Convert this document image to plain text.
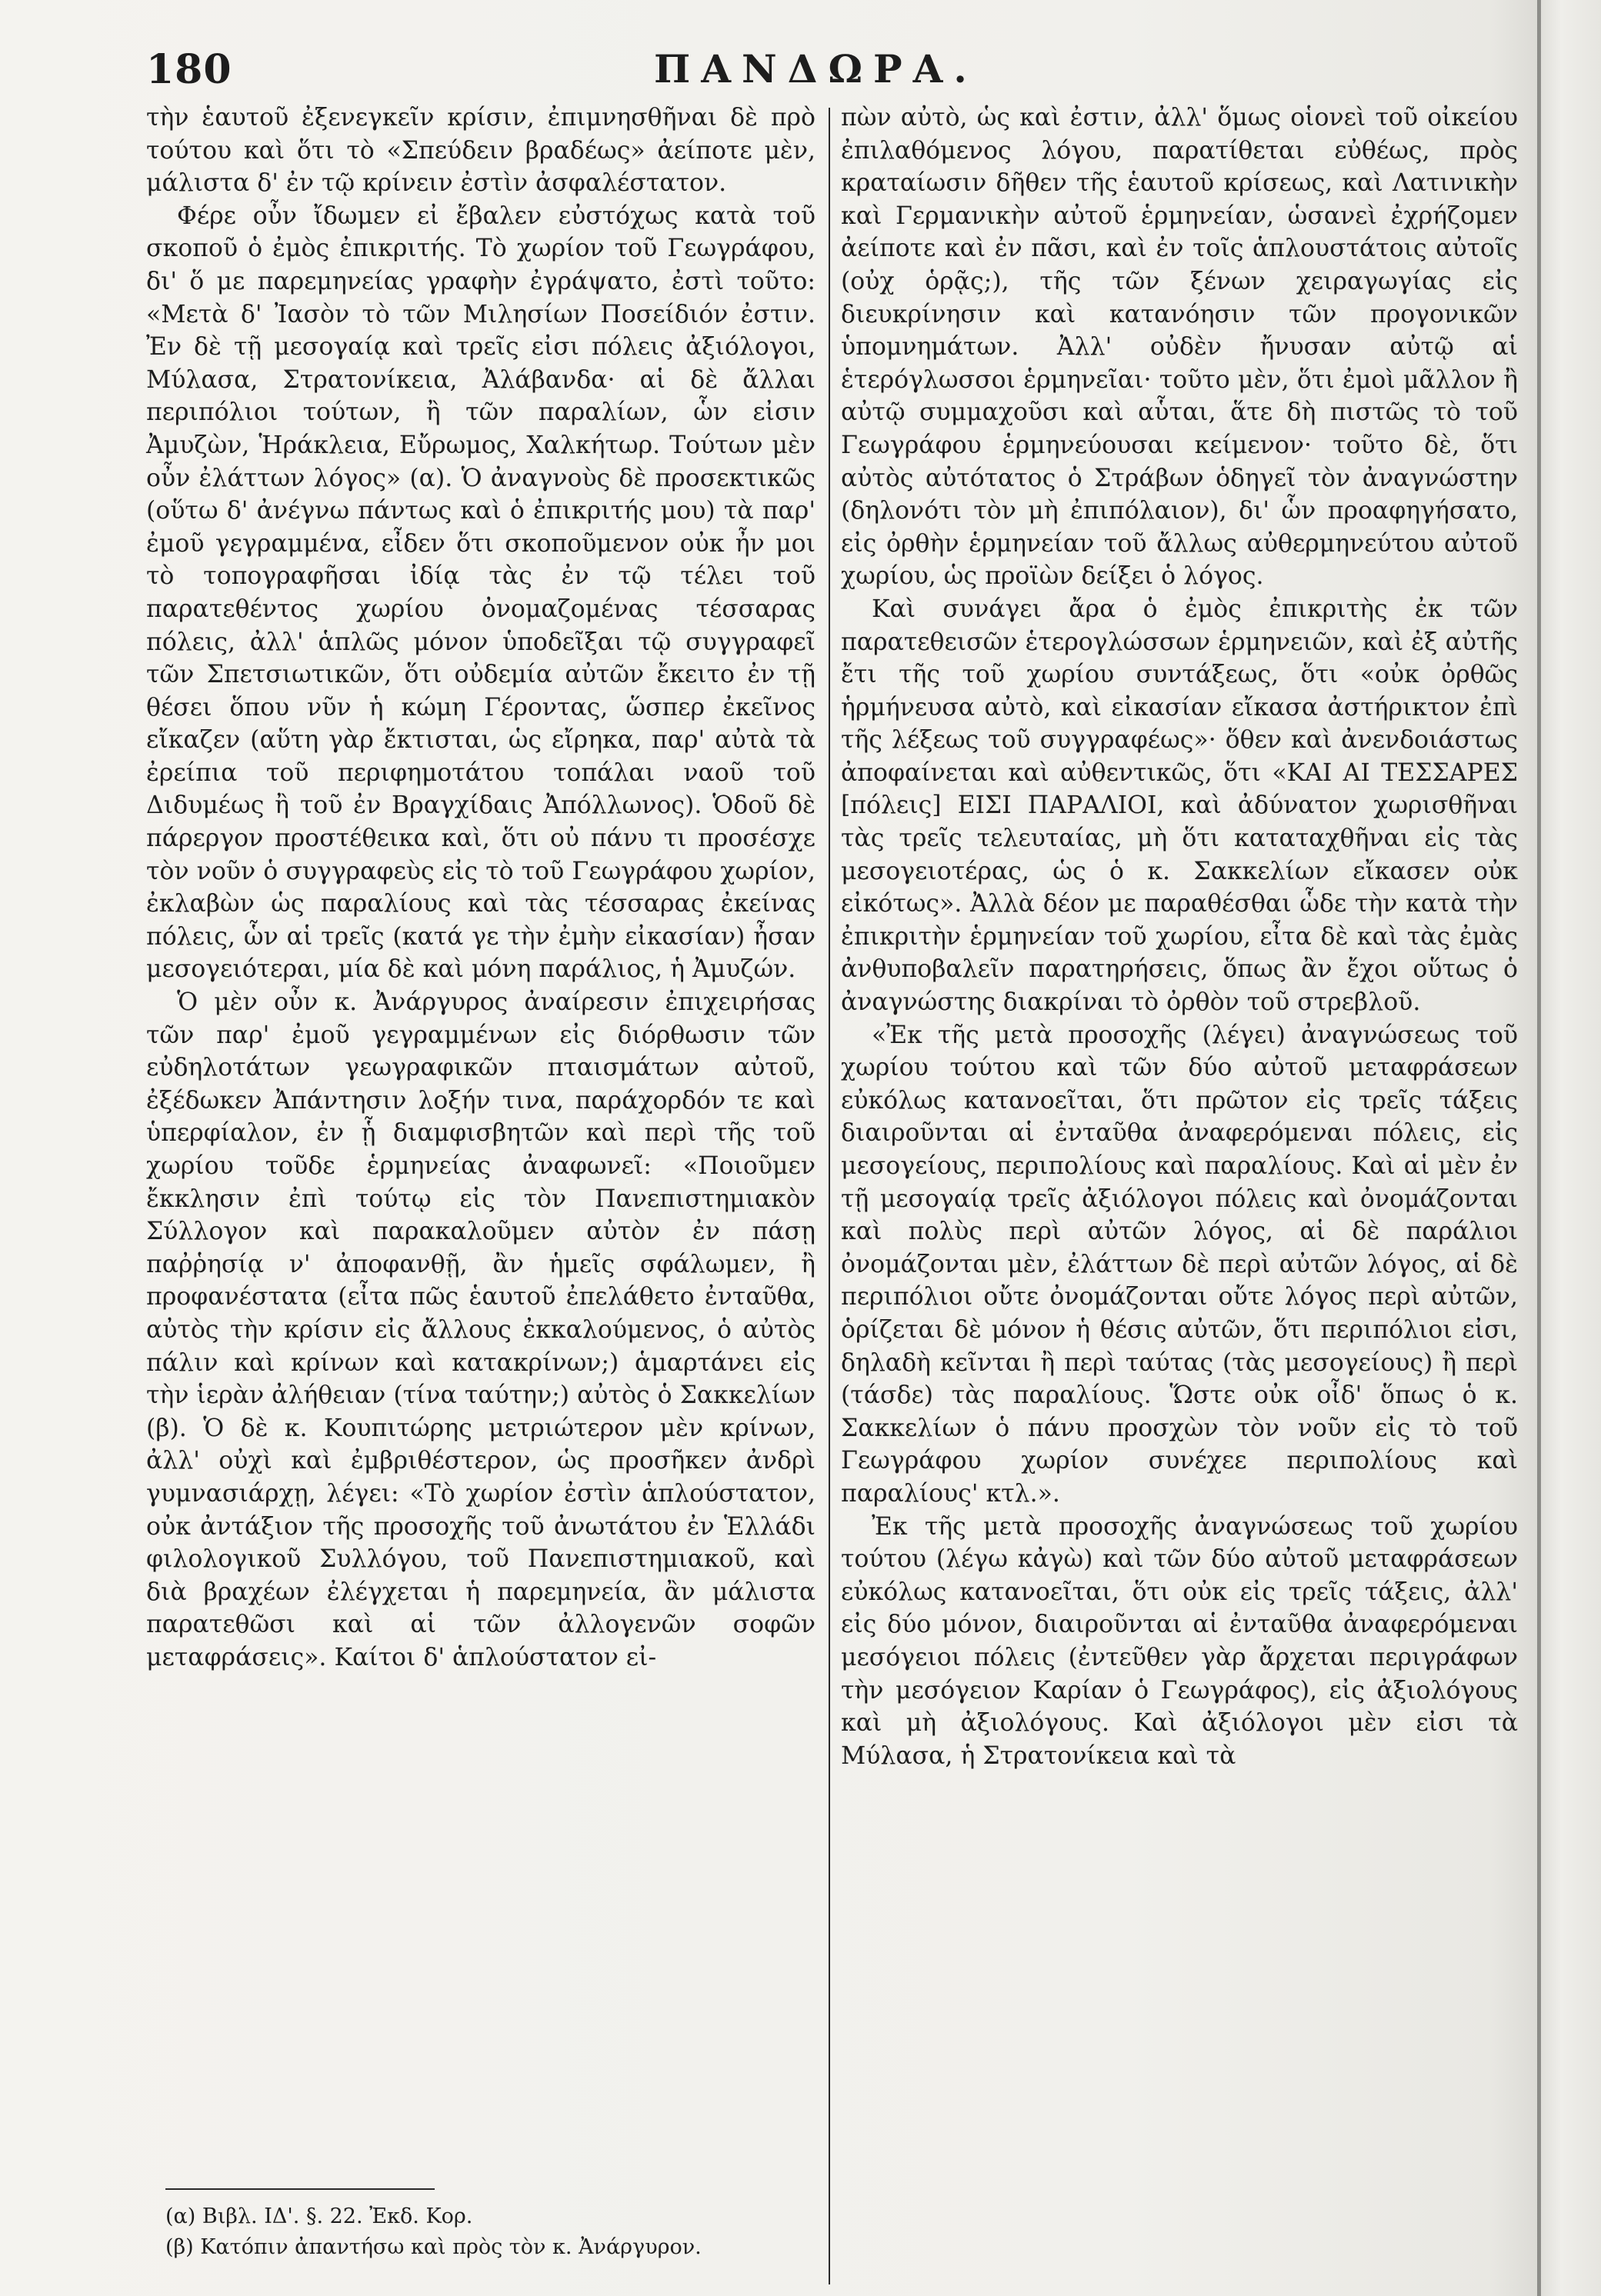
180	ΠΑΝΔΩΡΑ.

τὴν ἑαυτοῦ ἐξενεγκεῖν κρίσιν, ἐπιμνησθῆναι δὲ πρὸ τούτου καὶ ὅτι τὸ «Σπεύδειν βραδέως» ἀείποτε μὲν, μάλιστα δ' ἐν τῷ κρίνειν ἐστὶν ἀσφαλέστατον.

Φέρε οὖν ἴδωμεν εἰ ἔβαλεν εὐστόχως κατὰ τοῦ σκοποῦ ὁ ἐμὸς ἐπικριτής. Τὸ χωρίον τοῦ Γεωγράφου, δι' ὅ με παρεμηνείας γραφὴν ἐγράψατο, ἐστὶ τοῦτο: «Μετὰ δ' Ἰασὸν τὸ τῶν Μιλησίων Ποσείδιόν ἐστιν. Ἐν δὲ τῇ μεσογαίᾳ καὶ τρεῖς εἰσι πόλεις ἀξιόλογοι, Μύλασα, Στρατονίκεια, Ἀλάβανδα· αἱ δὲ ἄλλαι περιπόλιοι τούτων, ἢ τῶν παραλίων, ὧν εἰσιν Ἀμυζὼν, Ἡράκλεια, Εὔρωμος, Χαλκήτωρ. Τούτων μὲν οὖν ἐλάττων λόγος» (α). Ὁ ἀναγνοὺς δὲ προσεκτικῶς (οὕτω δ' ἀνέγνω πάντως καὶ ὁ ἐπικριτής μου) τὰ παρ' ἐμοῦ γεγραμμένα, εἶδεν ὅτι σκοποῦμενον οὐκ ἦν μοι τὸ τοπογραφῆσαι ἰδίᾳ τὰς ἐν τῷ τέλει τοῦ παρατεθέντος χωρίου ὀνομαζομένας τέσσαρας πόλεις, ἀλλ' ἁπλῶς μόνον ὑποδεῖξαι τῷ συγγραφεῖ τῶν Σπετσιωτικῶν, ὅτι οὐδεμία αὐτῶν ἔκειτο ἐν τῇ θέσει ὅπου νῦν ἡ κώμη Γέροντας, ὥσπερ ἐκεῖνος εἴκαζεν (αὕτη γὰρ ἔκτισται, ὡς εἴρηκα, παρ' αὐτὰ τὰ ἐρείπια τοῦ περιφημοτάτου τοπάλαι ναοῦ τοῦ Διδυμέως ἢ τοῦ ἐν Βραγχίδαις Ἀπόλλωνος). Ὁδοῦ δὲ πάρεργον προστέθεικα καὶ, ὅτι οὐ πάνυ τι προσέσχε τὸν νοῦν ὁ συγγραφεὺς εἰς τὸ τοῦ Γεωγράφου χωρίον, ἐκλαβὼν ὡς παραλίους καὶ τὰς τέσσαρας ἐκείνας πόλεις, ὧν αἱ τρεῖς (κατά γε τὴν ἐμὴν εἰκασίαν) ἦσαν μεσογειότεραι, μία δὲ καὶ μόνη παράλιος, ἡ Ἀμυζών.

Ὁ μὲν οὖν κ. Ἀνάργυρος ἀναίρεσιν ἐπιχειρήσας τῶν παρ' ἐμοῦ γεγραμμένων εἰς διόρθωσιν τῶν εὐδηλοτάτων γεωγραφικῶν πταισμάτων αὐτοῦ, ἐξέδωκεν Ἀπάντησιν λοξήν τινα, παράχορδόν τε καὶ ὑπερφίαλον, ἐν ᾗ διαμφισβητῶν καὶ περὶ τῆς τοῦ χωρίου τοῦδε ἑρμηνείας ἀναφωνεῖ: «Ποιοῦμεν ἔκκλησιν ἐπὶ τούτῳ εἰς τὸν Πανεπιστημιακὸν Σύλλογον καὶ παρακαλοῦμεν αὐτὸν ἐν πάσῃ παῤῥησίᾳ ν' ἀποφανθῇ, ἂν ἡμεῖς σφάλωμεν, ἢ προφανέστατα (εἶτα πῶς ἑαυτοῦ ἐπελάθετο ἐνταῦθα, αὐτὸς τὴν κρίσιν εἰς ἄλλους ἐκκαλούμενος, ὁ αὐτὸς πάλιν καὶ κρίνων καὶ κατακρίνων;) ἁμαρτάνει εἰς τὴν ἱερὰν ἀλήθειαν (τίνα ταύτην;) αὐτὸς ὁ Σακκελίων (β). Ὁ δὲ κ. Κουπιτώρης μετριώτερον μὲν κρίνων, ἀλλ' οὐχὶ καὶ ἐμβριθέστερον, ὡς προσῆκεν ἀνδρὶ γυμνασιάρχῃ, λέγει: «Τὸ χωρίον ἐστὶν ἁπλούστατον, οὐκ ἀντάξιον τῆς προσοχῆς τοῦ ἀνωτάτου ἐν Ἑλλάδι φιλολογικοῦ Συλλόγου, τοῦ Πανεπιστημιακοῦ, καὶ διὰ βραχέων ἐλέγχεται ἡ παρεμηνεία, ἂν μάλιστα παρατεθῶσι καὶ αἱ τῶν ἀλλογενῶν σοφῶν μεταφράσεις». Καίτοι δ' ἁπλούστατον εἰ-

πὼν αὐτὸ, ὡς καὶ ἐστιν, ἀλλ' ὅμως οἱονεὶ τοῦ οἰκείου ἐπιλαθόμενος λόγου, παρατίθεται εὐθέως, πρὸς κραταίωσιν δῆθεν τῆς ἑαυτοῦ κρίσεως, καὶ Λατινικὴν καὶ Γερμανικὴν αὐτοῦ ἑρμηνείαν, ὡσανεὶ ἐχρήζομεν ἀείποτε καὶ ἐν πᾶσι, καὶ ἐν τοῖς ἁπλουστάτοις αὐτοῖς (οὐχ ὁρᾷς;), τῆς τῶν ξένων χειραγωγίας εἰς διευκρίνησιν καὶ κατανόησιν τῶν προγονικῶν ὑπομνημάτων. Ἀλλ' οὐδὲν ἤνυσαν αὐτῷ αἱ ἑτερόγλωσσοι ἑρμηνεῖαι· τοῦτο μὲν, ὅτι ἐμοὶ μᾶλλον ἢ αὐτῷ συμμαχοῦσι καὶ αὗται, ἅτε δὴ πιστῶς τὸ τοῦ Γεωγράφου ἑρμηνεύουσαι κείμενον· τοῦτο δὲ, ὅτι αὐτὸς αὐτότατος ὁ Στράβων ὁδηγεῖ τὸν ἀναγνώστην (δηλονότι τὸν μὴ ἐπιπόλαιον), δι' ὧν προαφηγήσατο, εἰς ὀρθὴν ἑρμηνείαν τοῦ ἄλλως αὐθερμηνεύτου αὐτοῦ χωρίου, ὡς προϊὼν δείξει ὁ λόγος.

Καὶ συνάγει ἄρα ὁ ἐμὸς ἐπικριτὴς ἐκ τῶν παρατεθεισῶν ἑτερογλώσσων ἑρμηνειῶν, καὶ ἐξ αὐτῆς ἔτι τῆς τοῦ χωρίου συντάξεως, ὅτι «οὐκ ὀρθῶς ἡρμήνευσα αὐτὸ, καὶ εἰκασίαν εἴκασα ἀστήρικτον ἐπὶ τῆς λέξεως τοῦ συγγραφέως»· ὅθεν καὶ ἀνενδοιάστως ἀποφαίνεται καὶ αὐθεντικῶς, ὅτι «ΚΑΙ ΑΙ ΤΕΣΣΑΡΕΣ [πόλεις] ΕΙΣΙ ΠΑΡΑΛΙΟΙ, καὶ ἀδύνατον χωρισθῆναι τὰς τρεῖς τελευταίας, μὴ ὅτι καταταχθῆναι εἰς τὰς μεσογειοτέρας, ὡς ὁ κ. Σακκελίων εἴκασεν οὐκ εἰκότως». Ἀλλὰ δέον με παραθέσθαι ὧδε τὴν κατὰ τὴν ἐπικριτὴν ἑρμηνείαν τοῦ χωρίου, εἶτα δὲ καὶ τὰς ἐμὰς ἀνθυποβαλεῖν παρατηρήσεις, ὅπως ἂν ἔχοι οὕτως ὁ ἀναγνώστης διακρίναι τὸ ὀρθὸν τοῦ στρεβλοῦ.

«Ἐκ τῆς μετὰ προσοχῆς (λέγει) ἀναγνώσεως τοῦ χωρίου τούτου καὶ τῶν δύο αὐτοῦ μεταφράσεων εὐκόλως κατανοεῖται, ὅτι πρῶτον εἰς τρεῖς τάξεις διαιροῦνται αἱ ἐνταῦθα ἀναφερόμεναι πόλεις, εἰς μεσογείους, περιπολίους καὶ παραλίους. Καὶ αἱ μὲν ἐν τῇ μεσογαίᾳ τρεῖς ἀξιόλογοι πόλεις καὶ ὀνομάζονται καὶ πολὺς περὶ αὐτῶν λόγος, αἱ δὲ παράλιοι ὀνομάζονται μὲν, ἐλάττων δὲ περὶ αὐτῶν λόγος, αἱ δὲ περιπόλιοι οὔτε ὀνομάζονται οὔτε λόγος περὶ αὐτῶν, ὁρίζεται δὲ μόνον ἡ θέσις αὐτῶν, ὅτι περιπόλιοι εἰσι, δηλαδὴ κεῖνται ἢ περὶ ταύτας (τὰς μεσογείους) ἢ περὶ (τάσδε) τὰς παραλίους. Ὥστε οὐκ οἶδ' ὅπως ὁ κ. Σακκελίων ὁ πάνυ προσχὼν τὸν νοῦν εἰς τὸ τοῦ Γεωγράφου χωρίον συνέχεε περιπολίους καὶ παραλίους' κτλ.».

Ἐκ τῆς μετὰ προσοχῆς ἀναγνώσεως τοῦ χωρίου τούτου (λέγω κἀγὼ) καὶ τῶν δύο αὐτοῦ μεταφράσεων εὐκόλως κατανοεῖται, ὅτι οὐκ εἰς τρεῖς τάξεις, ἀλλ' εἰς δύο μόνον, διαιροῦνται αἱ ἐνταῦθα ἀναφερόμεναι μεσόγειοι πόλεις (ἐντεῦθεν γὰρ ἄρχεται περιγράφων τὴν μεσόγειον Καρίαν ὁ Γεωγράφος), εἰς ἀξιολόγους καὶ μὴ ἀξιολόγους. Καὶ ἀξιόλογοι μὲν εἰσι τὰ Μύλασα, ἡ Στρατονίκεια καὶ τὰ

(α) Βιβλ. ΙΔ'. §. 22. Ἐκδ. Κορ.
(β) Κατόπιν ἀπαντήσω καὶ πρὸς τὸν κ. Ἀνάργυρον.
